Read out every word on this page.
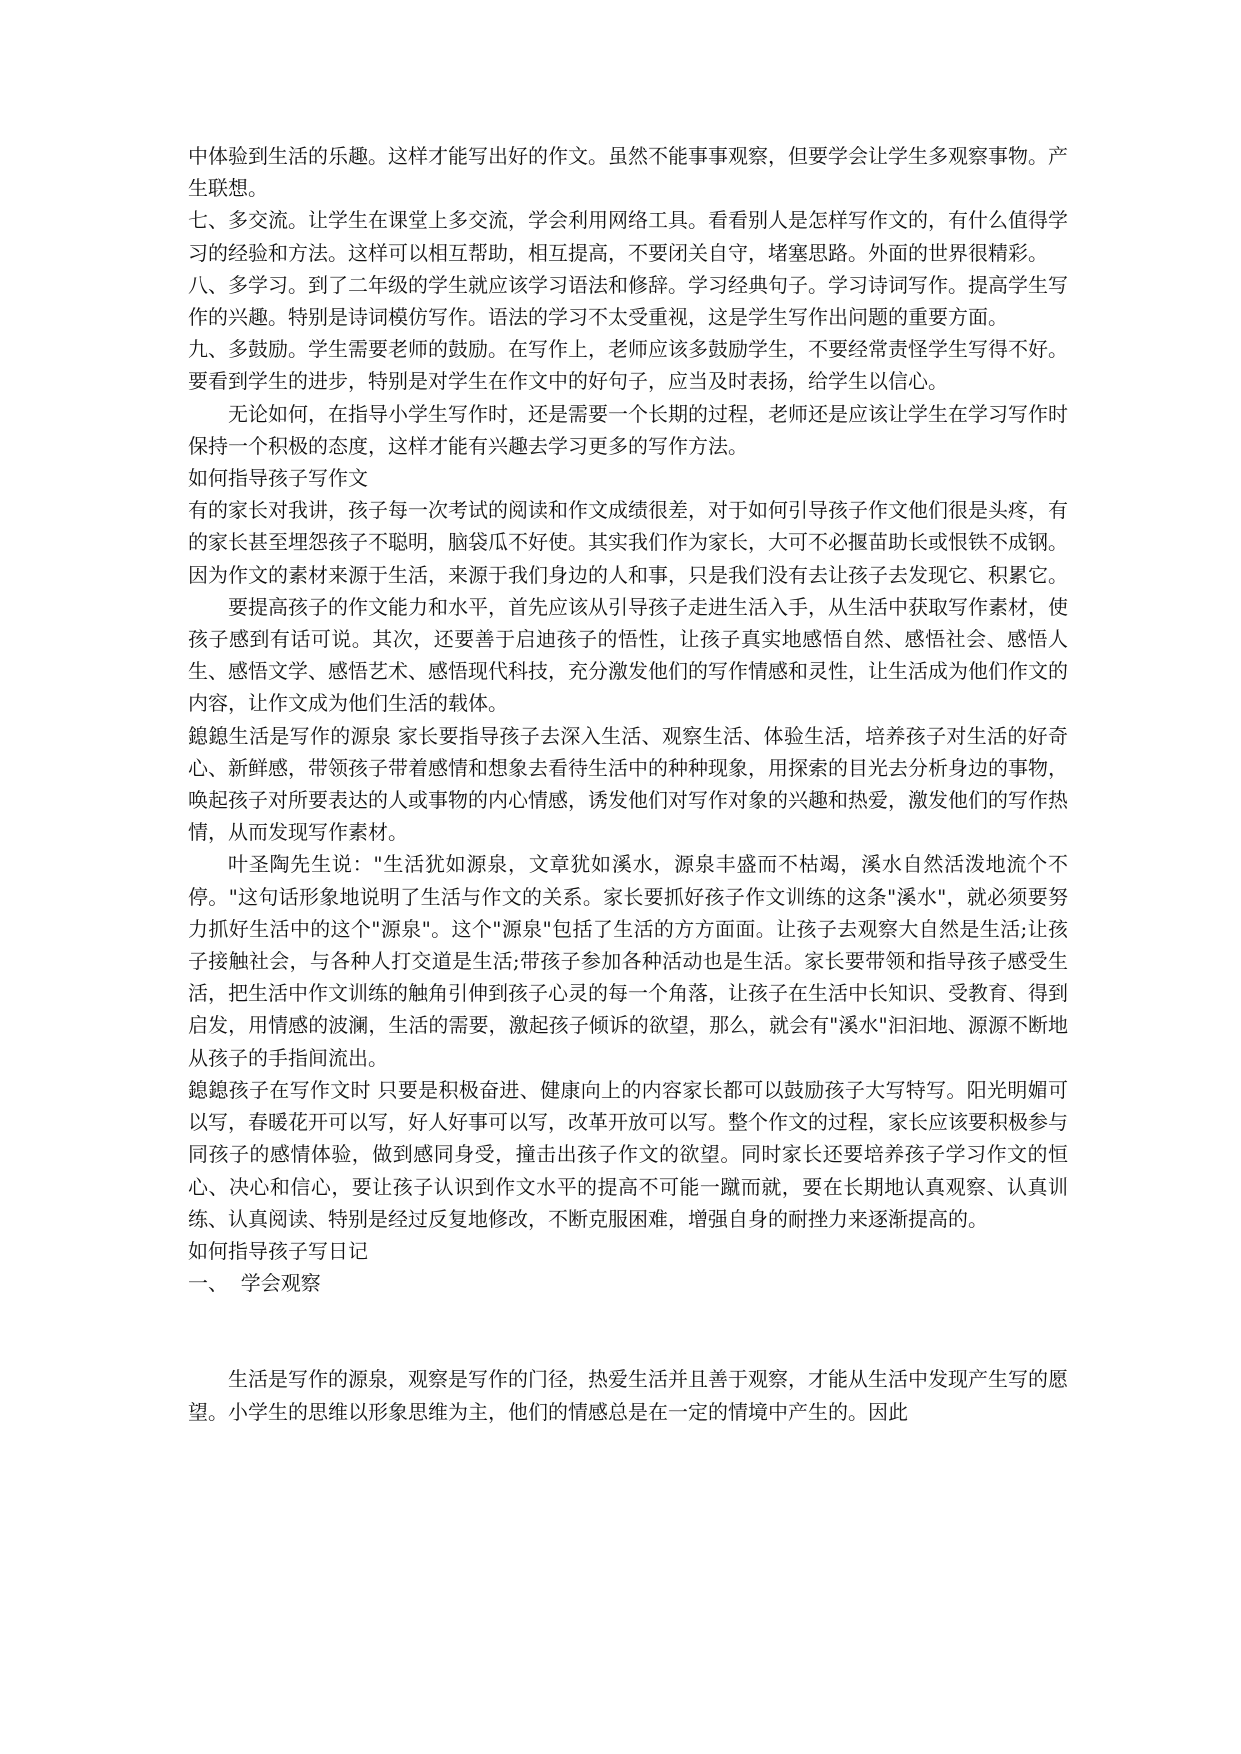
中体验到生活的乐趣。这样才能写出好的作文。虽然不能事事观察，但要学会让学生多观察事物。产生联想。

七、多交流。让学生在课堂上多交流，学会利用网络工具。看看别人是怎样写作文的，有什么值得学习的经验和方法。这样可以相互帮助，相互提高，不要闭关自守，堵塞思路。外面的世界很精彩。

八、多学习。到了二年级的学生就应该学习语法和修辞。学习经典句子。学习诗词写作。提高学生写作的兴趣。特别是诗词模仿写作。语法的学习不太受重视，这是学生写作出问题的重要方面。

九、多鼓励。学生需要老师的鼓励。在写作上，老师应该多鼓励学生，不要经常责怪学生写得不好。要看到学生的进步，特别是对学生在作文中的好句子，应当及时表扬，给学生以信心。

无论如何，在指导小学生写作时，还是需要一个长期的过程，老师还是应该让学生在学习写作时保持一个积极的态度，这样才能有兴趣去学习更多的写作方法。

如何指导孩子写作文

有的家长对我讲，孩子每一次考试的阅读和作文成绩很差，对于如何引导孩子作文他们很是头疼，有的家长甚至埋怨孩子不聪明，脑袋瓜不好使。其实我们作为家长，大可不必揠苗助长或恨铁不成钢。因为作文的素材来源于生活，来源于我们身边的人和事，只是我们没有去让孩子去发现它、积累它。

要提高孩子的作文能力和水平，首先应该从引导孩子走进生活入手，从生活中获取写作素材，使孩子感到有话可说。其次，还要善于启迪孩子的悟性，让孩子真实地感悟自然、感悟社会、感悟人生、感悟文学、感悟艺术、感悟现代科技，充分激发他们的写作情感和灵性，让生活成为他们作文的内容，让作文成为他们生活的载体。

鎴鎴生活是写作的源泉 家长要指导孩子去深入生活、观察生活、体验生活，培养孩子对生活的好奇心、新鲜感，带领孩子带着感情和想象去看待生活中的种种现象，用探索的目光去分析身边的事物，唤起孩子对所要表达的人或事物的内心情感，诱发他们对写作对象的兴趣和热爱，激发他们的写作热情，从而发现写作素材。

叶圣陶先生说："生活犹如源泉，文章犹如溪水，源泉丰盛而不枯竭，溪水自然活泼地流个不停。"这句话形象地说明了生活与作文的关系。家长要抓好孩子作文训练的这条"溪水"，就必须要努力抓好生活中的这个"源泉"。这个"源泉"包括了生活的方方面面。让孩子去观察大自然是生活;让孩子接触社会，与各种人打交道是生活;带孩子参加各种活动也是生活。家长要带领和指导孩子感受生活，把生活中作文训练的触角引伸到孩子心灵的每一个角落，让孩子在生活中长知识、受教育、得到启发，用情感的波澜，生活的需要，激起孩子倾诉的欲望，那么，就会有"溪水"汩汩地、源源不断地从孩子的手指间流出。

鎴鎴孩子在写作文时 只要是积极奋进、健康向上的内容家长都可以鼓励孩子大写特写。阳光明媚可以写，春暖花开可以写，好人好事可以写，改革开放可以写。整个作文的过程，家长应该要积极参与同孩子的感情体验，做到感同身受，撞击出孩子作文的欲望。同时家长还要培养孩子学习作文的恒心、决心和信心，要让孩子认识到作文水平的提高不可能一蹴而就，要在长期地认真观察、认真训练、认真阅读、特别是经过反复地修改，不断克服困难，增强自身的耐挫力来逐渐提高的。

如何指导孩子写日记

一、  学会观察

生活是写作的源泉，观察是写作的门径，热爱生活并且善于观察，才能从生活中发现产生写的愿望。小学生的思维以形象思维为主，他们的情感总是在一定的情境中产生的。因此
